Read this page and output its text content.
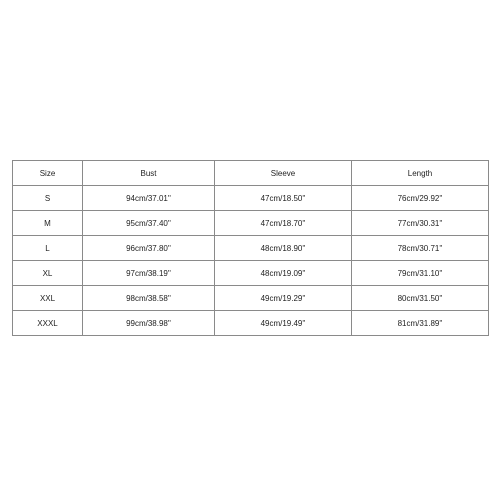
Size	Bust	Sleeve	Length
S	94cm/37.01''	47cm/18.50''	76cm/29.92''
M	95cm/37.40''	47cm/18.70''	77cm/30.31''
L	96cm/37.80''	48cm/18.90''	78cm/30.71''
XL	97cm/38.19''	48cm/19.09''	79cm/31.10''
XXL	98cm/38.58''	49cm/19.29''	80cm/31.50''
XXXL	99cm/38.98''	49cm/19.49''	81cm/31.89''
